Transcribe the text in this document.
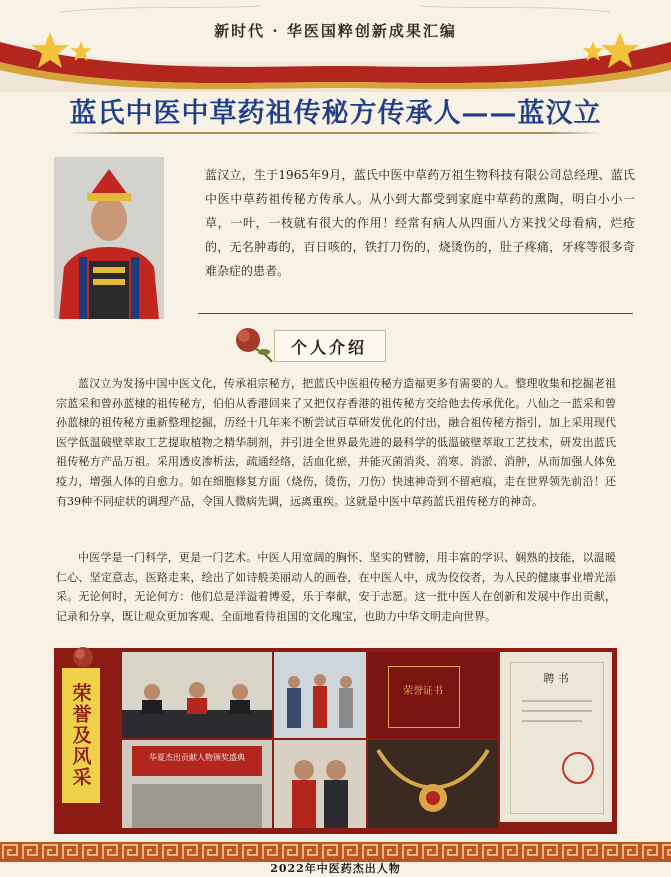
新时代 · 华医国粹创新成果汇编
蓝氏中医中草药祖传秘方传承人——蓝汉立
蓝汉立，生于1965年9月，蓝氏中医中草药万祖生物科技有限公司总经理、蓝氏中医中草药祖传秘方传承人。从小到大都受到家庭中草药的熏陶，明白小小一草，一叶，一枝就有很大的作用！经常有病人从四面八方来找父母看病，烂疮的，无名肿毒的，百日咳的，铁打刀伤的，烧烫伤的，肚子疼痛，牙疼等很多奇难杂症的患者。
个人介绍
蓝汉立为发扬中国中医文化，传承祖宗秘方，把蓝氏中医祖传秘方造福更多有需要的人。整理收集和挖掘老祖宗蓝采和曾孙蓝棣的祖传秘方，伯伯从香港回来了又把仅存香港的祖传秘方交给他去传承优化。八仙之一蓝采和曾孙蓝棣的祖传秘方重新整理挖掘，历经十几年来不断尝试百草研发优化的付出，融合祖传秘方指引，加上采用现代医学低温破壁萃取工艺提取植物之精华制剂，并引进全世界最先进的最科学的低温破壁萃取工艺技术，研发出蓝氏祖传秘方产品万祖。采用透皮渗析法，疏通经络，活血化瘀，并能灭菌消炎、消寒、消淤、消肿，从而加强人体免疫力，增强人体的自愈力。如在细胞修复方面（烧伤，烫伤，刀伤）快速神奇到不留疤痕，走在世界领先前沿！还有39种不同症状的调理产品，令国人微病先调，远离重疾。这就是中医中草药蓝氏祖传秘方的神奇。
中医学是一门科学，更是一门艺术。中医人用宽阔的胸怀、坚实的臂膀，用丰富的学识、娴熟的技能，以温暖仁心、坚定意志，医路走来，绘出了如诗般美丽动人的画卷，在中医人中，成为佼佼者，为人民的健康事业增光添采。无论何时，无论何方：他们总是洋溢着博爱，乐于奉献，安于志愿。这一批中医人在创新和发展中作出贡献，记录和分享，既让观众更加客观、全面地看待祖国的文化瑰宝，也助力中华文明走向世界。
荣誉及风采	荣誉证书
聘 书
华夏杰出贡献人物颁奖盛典
2022年中医药杰出人物
